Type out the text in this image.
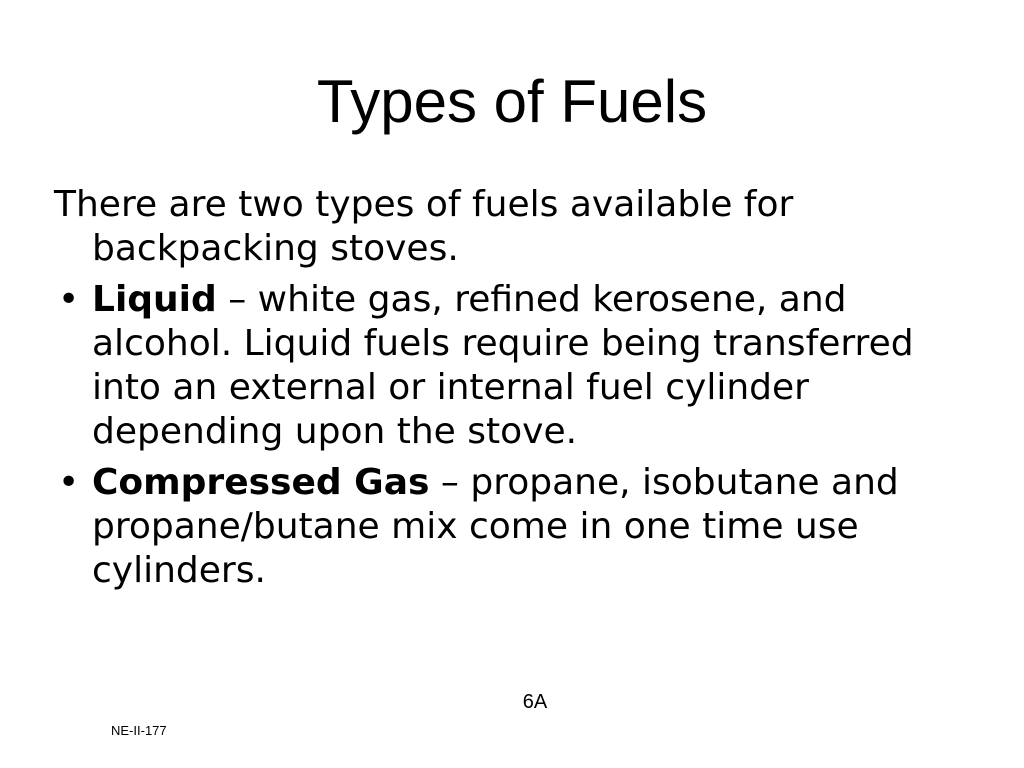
Types of Fuels

There are two types of fuels available for backpacking stoves.

• Liquid – white gas, refined kerosene, and alcohol. Liquid fuels require being transferred into an external or internal fuel cylinder depending upon the stove.
• Compressed Gas – propane, isobutane and propane/butane mix come in one time use cylinders.
6A
NE-II-177
